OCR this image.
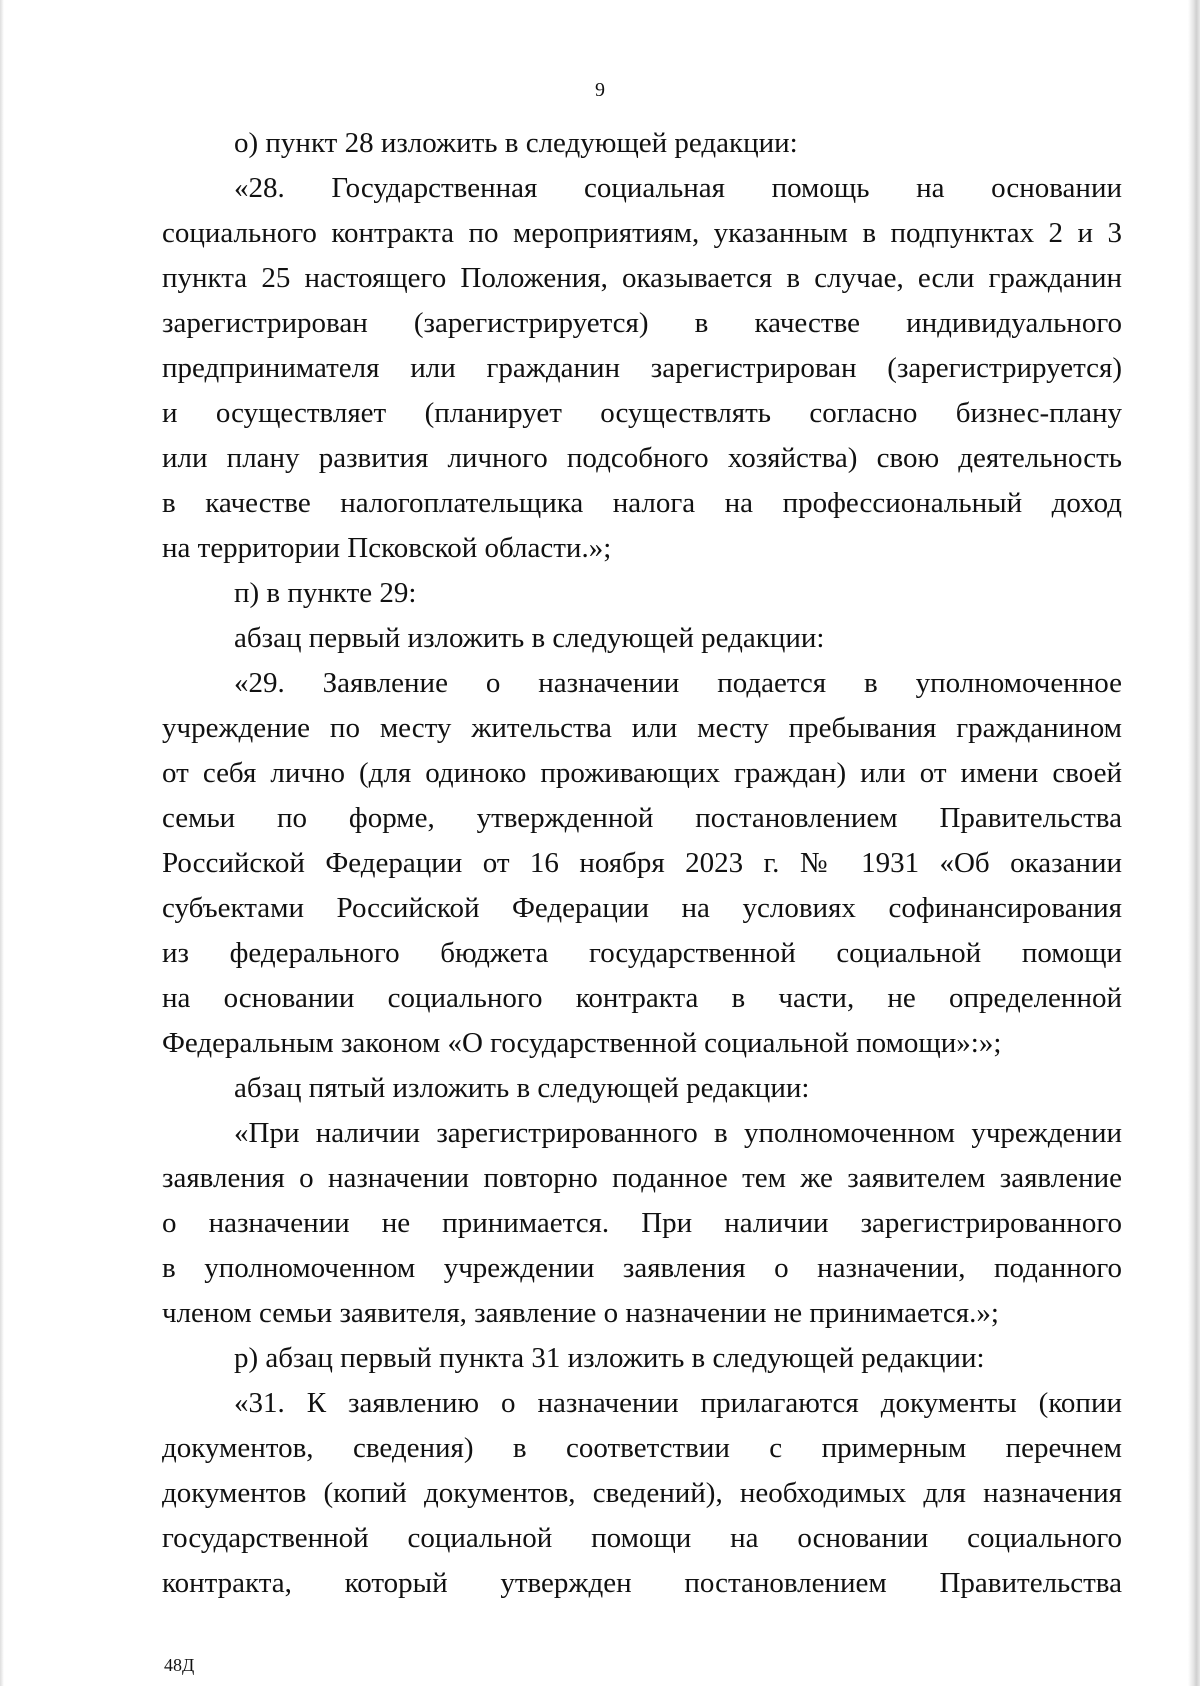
9
о) пункт 28 изложить в следующей редакции:
«28. Государственная социальная помощь на основании
социального контракта по мероприятиям, указанным в подпунктах 2 и 3
пункта 25 настоящего Положения, оказывается в случае, если гражданин
зарегистрирован (зарегистрируется) в качестве индивидуального
предпринимателя или гражданин зарегистрирован (зарегистрируется)
и осуществляет (планирует осуществлять согласно бизнес-плану
или плану развития личного подсобного хозяйства) свою деятельность
в качестве налогоплательщика налога на профессиональный доход
на территории Псковской области.»;
п) в пункте 29:
абзац первый изложить в следующей редакции:
«29. Заявление о назначении подается в уполномоченное
учреждение по месту жительства или месту пребывания гражданином
от себя лично (для одиноко проживающих граждан) или от имени своей
семьи по форме, утвержденной постановлением Правительства
Российской Федерации от 16 ноября 2023 г. № 1931 «Об оказании
субъектами Российской Федерации на условиях софинансирования
из федерального бюджета государственной социальной помощи
на основании социального контракта в части, не определенной
Федеральным законом «О государственной социальной помощи»:»;
абзац пятый изложить в следующей редакции:
«При наличии зарегистрированного в уполномоченном учреждении
заявления о назначении повторно поданное тем же заявителем заявление
о назначении не принимается. При наличии зарегистрированного
в уполномоченном учреждении заявления о назначении, поданного
членом семьи заявителя, заявление о назначении не принимается.»;
р) абзац первый пункта 31 изложить в следующей редакции:
«31. К заявлению о назначении прилагаются документы (копии
документов, сведения) в соответствии с примерным перечнем
документов (копий документов, сведений), необходимых для назначения
государственной социальной помощи на основании социального
контракта, который утвержден постановлением Правительства
48Д
